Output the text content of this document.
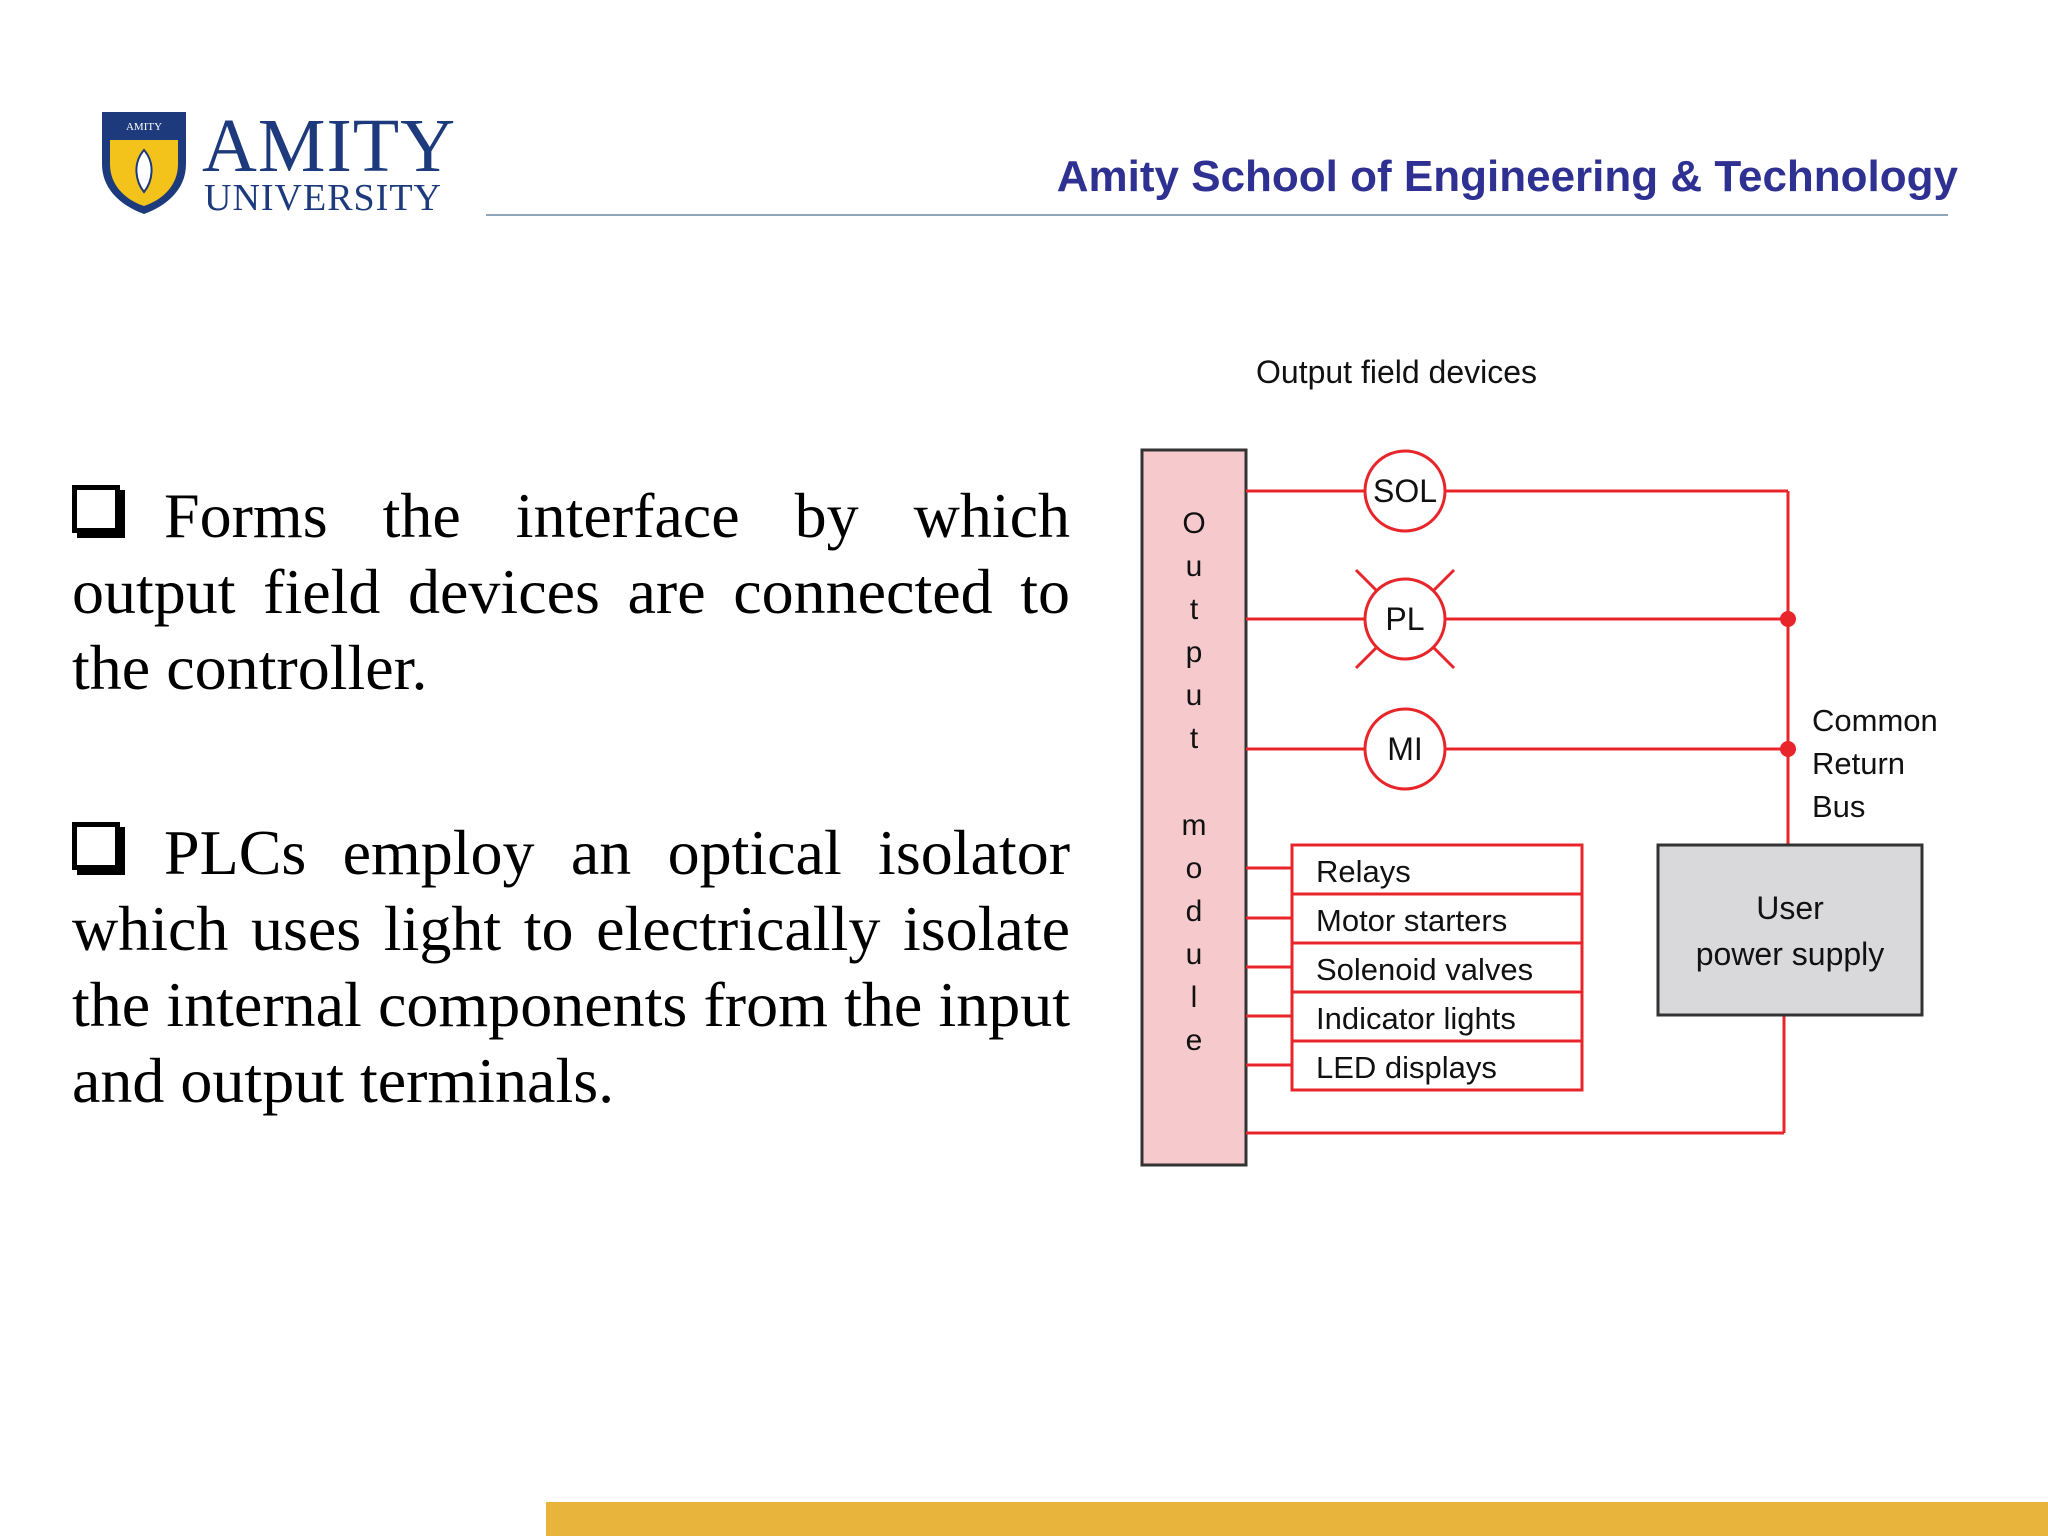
AMITY AMITY
UNIVERSITY	Amity School of Engineering & Technology
Forms the interface by which output field devices are connected to the controller.
PLCs employ an optical isolator which uses light to electrically isolate the internal components from the input and output terminals.
Output field devices
O u t p u t m o d u l e
SOL
PL
MI
Relays
Motor starters
Solenoid valves
Indicator lights
LED displays
Common
Return
Bus
User
power supply
